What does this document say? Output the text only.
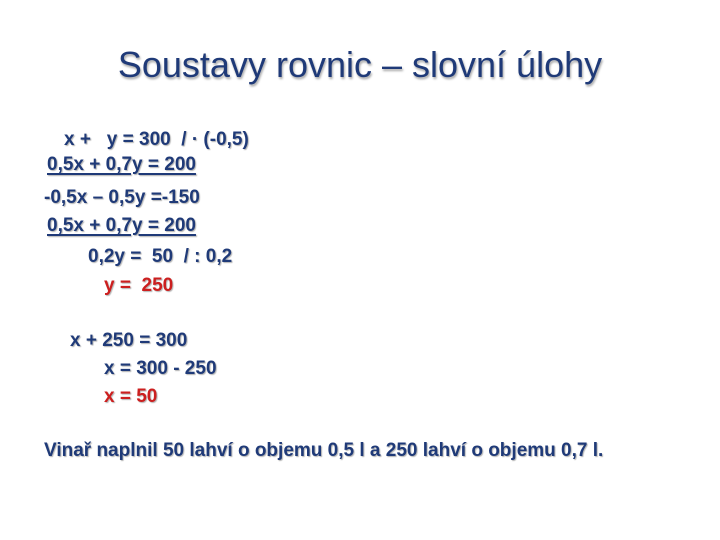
Soustavy rovnic – slovní úlohy
x +   y = 300  / · (-0,5)
0,5x + 0,7y = 200
-0,5x – 0,5y =-150
0,5x + 0,7y = 200
0,2y =  50  / : 0,2
y =  250
x + 250 = 300
x = 300 - 250
x = 50
Vinař naplnil 50 lahví o objemu 0,5 l a 250 lahví o objemu 0,7 l.
